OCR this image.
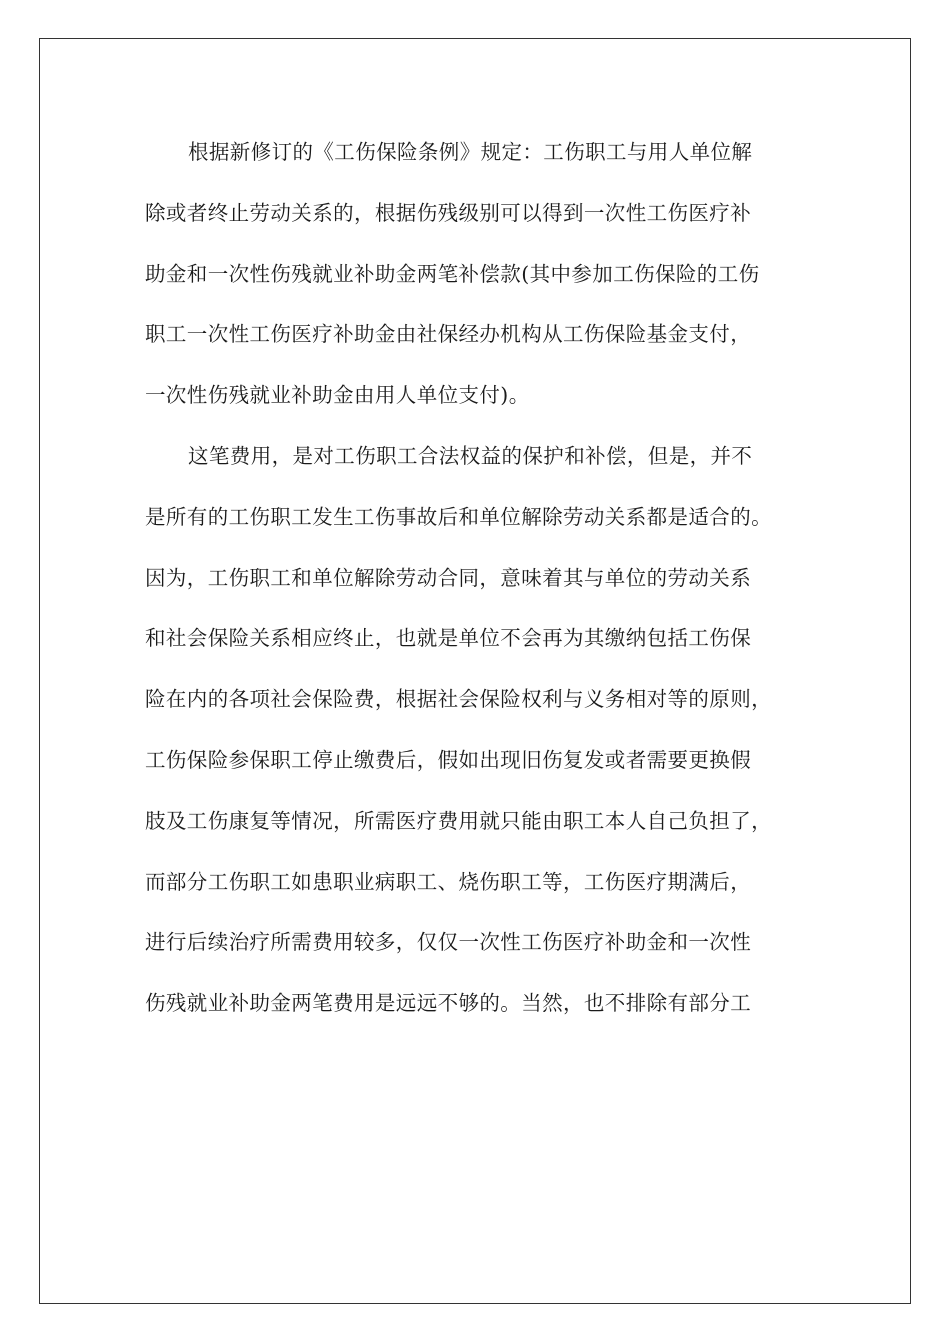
根据新修订的《工伤保险条例》规定：工伤职工与用人单位解
除或者终止劳动关系的，根据伤残级别可以得到一次性工伤医疗补
助金和一次性伤残就业补助金两笔补偿款(其中参加工伤保险的工伤
职工一次性工伤医疗补助金由社保经办机构从工伤保险基金支付，
一次性伤残就业补助金由用人单位支付)。
这笔费用，是对工伤职工合法权益的保护和补偿，但是，并不
是所有的工伤职工发生工伤事故后和单位解除劳动关系都是适合的。
因为，工伤职工和单位解除劳动合同，意味着其与单位的劳动关系
和社会保险关系相应终止，也就是单位不会再为其缴纳包括工伤保
险在内的各项社会保险费，根据社会保险权利与义务相对等的原则，
工伤保险参保职工停止缴费后，假如出现旧伤复发或者需要更换假
肢及工伤康复等情况，所需医疗费用就只能由职工本人自己负担了，
而部分工伤职工如患职业病职工、烧伤职工等，工伤医疗期满后，
进行后续治疗所需费用较多，仅仅一次性工伤医疗补助金和一次性
伤残就业补助金两笔费用是远远不够的。当然，也不排除有部分工
